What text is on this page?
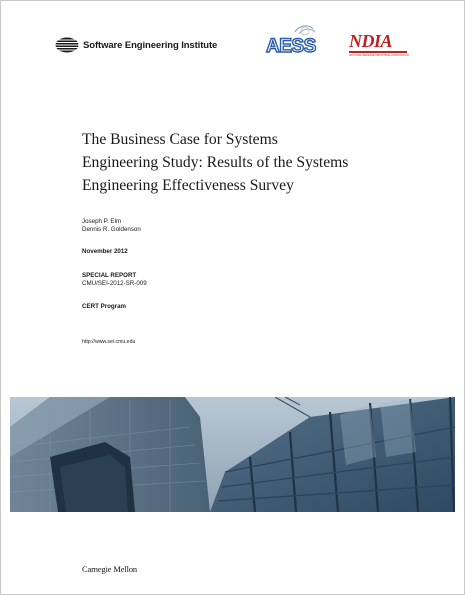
Software Engineering Institute	AESS NDIA
NATIONAL DEFENSE INDUSTRIAL ASSOCIATION
The Business Case for Systems
Engineering Study: Results of the Systems
Engineering Effectiveness Survey
Joseph P. Elm
Dennis R. Goldenson
November 2012
SPECIAL REPORT
CMU/SEI-2012-SR-009
CERT Program
http://www.sei.cmu.edu
Carnegie Mellon
